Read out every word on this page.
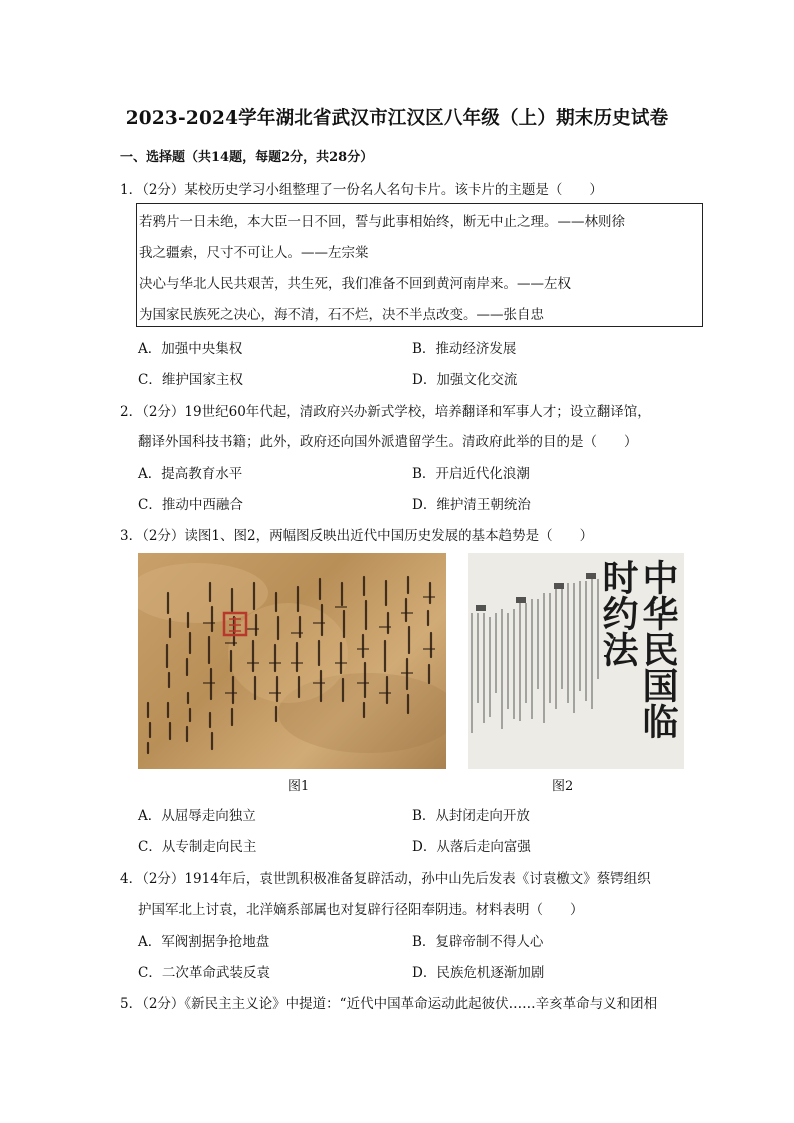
2023-2024学年湖北省武汉市江汉区八年级（上）期末历史试卷
一、选择题（共14题，每题2分，共28分）
1．（2分）某校历史学习小组整理了一份名人名句卡片。该卡片的主题是（　　）
若鸦片一日未绝，本大臣一日不回，誓与此事相始终，断无中止之理。——林则徐
我之疆索，尺寸不可让人。——左宗棠
决心与华北人民共艰苦，共生死，我们准备不回到黄河南岸来。——左权
为国家民族死之决心，海不清，石不烂，决不半点改变。——张自忠
A．加强中央集权	B．推动经济发展
C．维护国家主权	D．加强文化交流
2．（2分）19世纪60年代起，清政府兴办新式学校，培养翻译和军事人才；设立翻译馆，
翻译外国科技书籍；此外，政府还向国外派遣留学生。清政府此举的目的是（　　）
A．提高教育水平	B．开启近代化浪潮
C．推动中西融合	D．维护清王朝统治
3．（2分）读图1、图2，两幅图反映出近代中国历史发展的基本趋势是（　　）
中华民国临时约法
图1	图2
A．从屈辱走向独立	B．从封闭走向开放
C．从专制走向民主	D．从落后走向富强
4．（2分）1914年后，袁世凯积极准备复辟活动，孙中山先后发表《讨袁檄文》蔡锷组织
护国军北上讨袁，北洋嫡系部属也对复辟行径阳奉阴违。材料表明（　　）
A．军阀割据争抢地盘	B．复辟帝制不得人心
C．二次革命武装反袁	D．民族危机逐渐加剧
5．（2分）《新民主主义论》中提道：“近代中国革命运动此起彼伏……辛亥革命与义和团相
